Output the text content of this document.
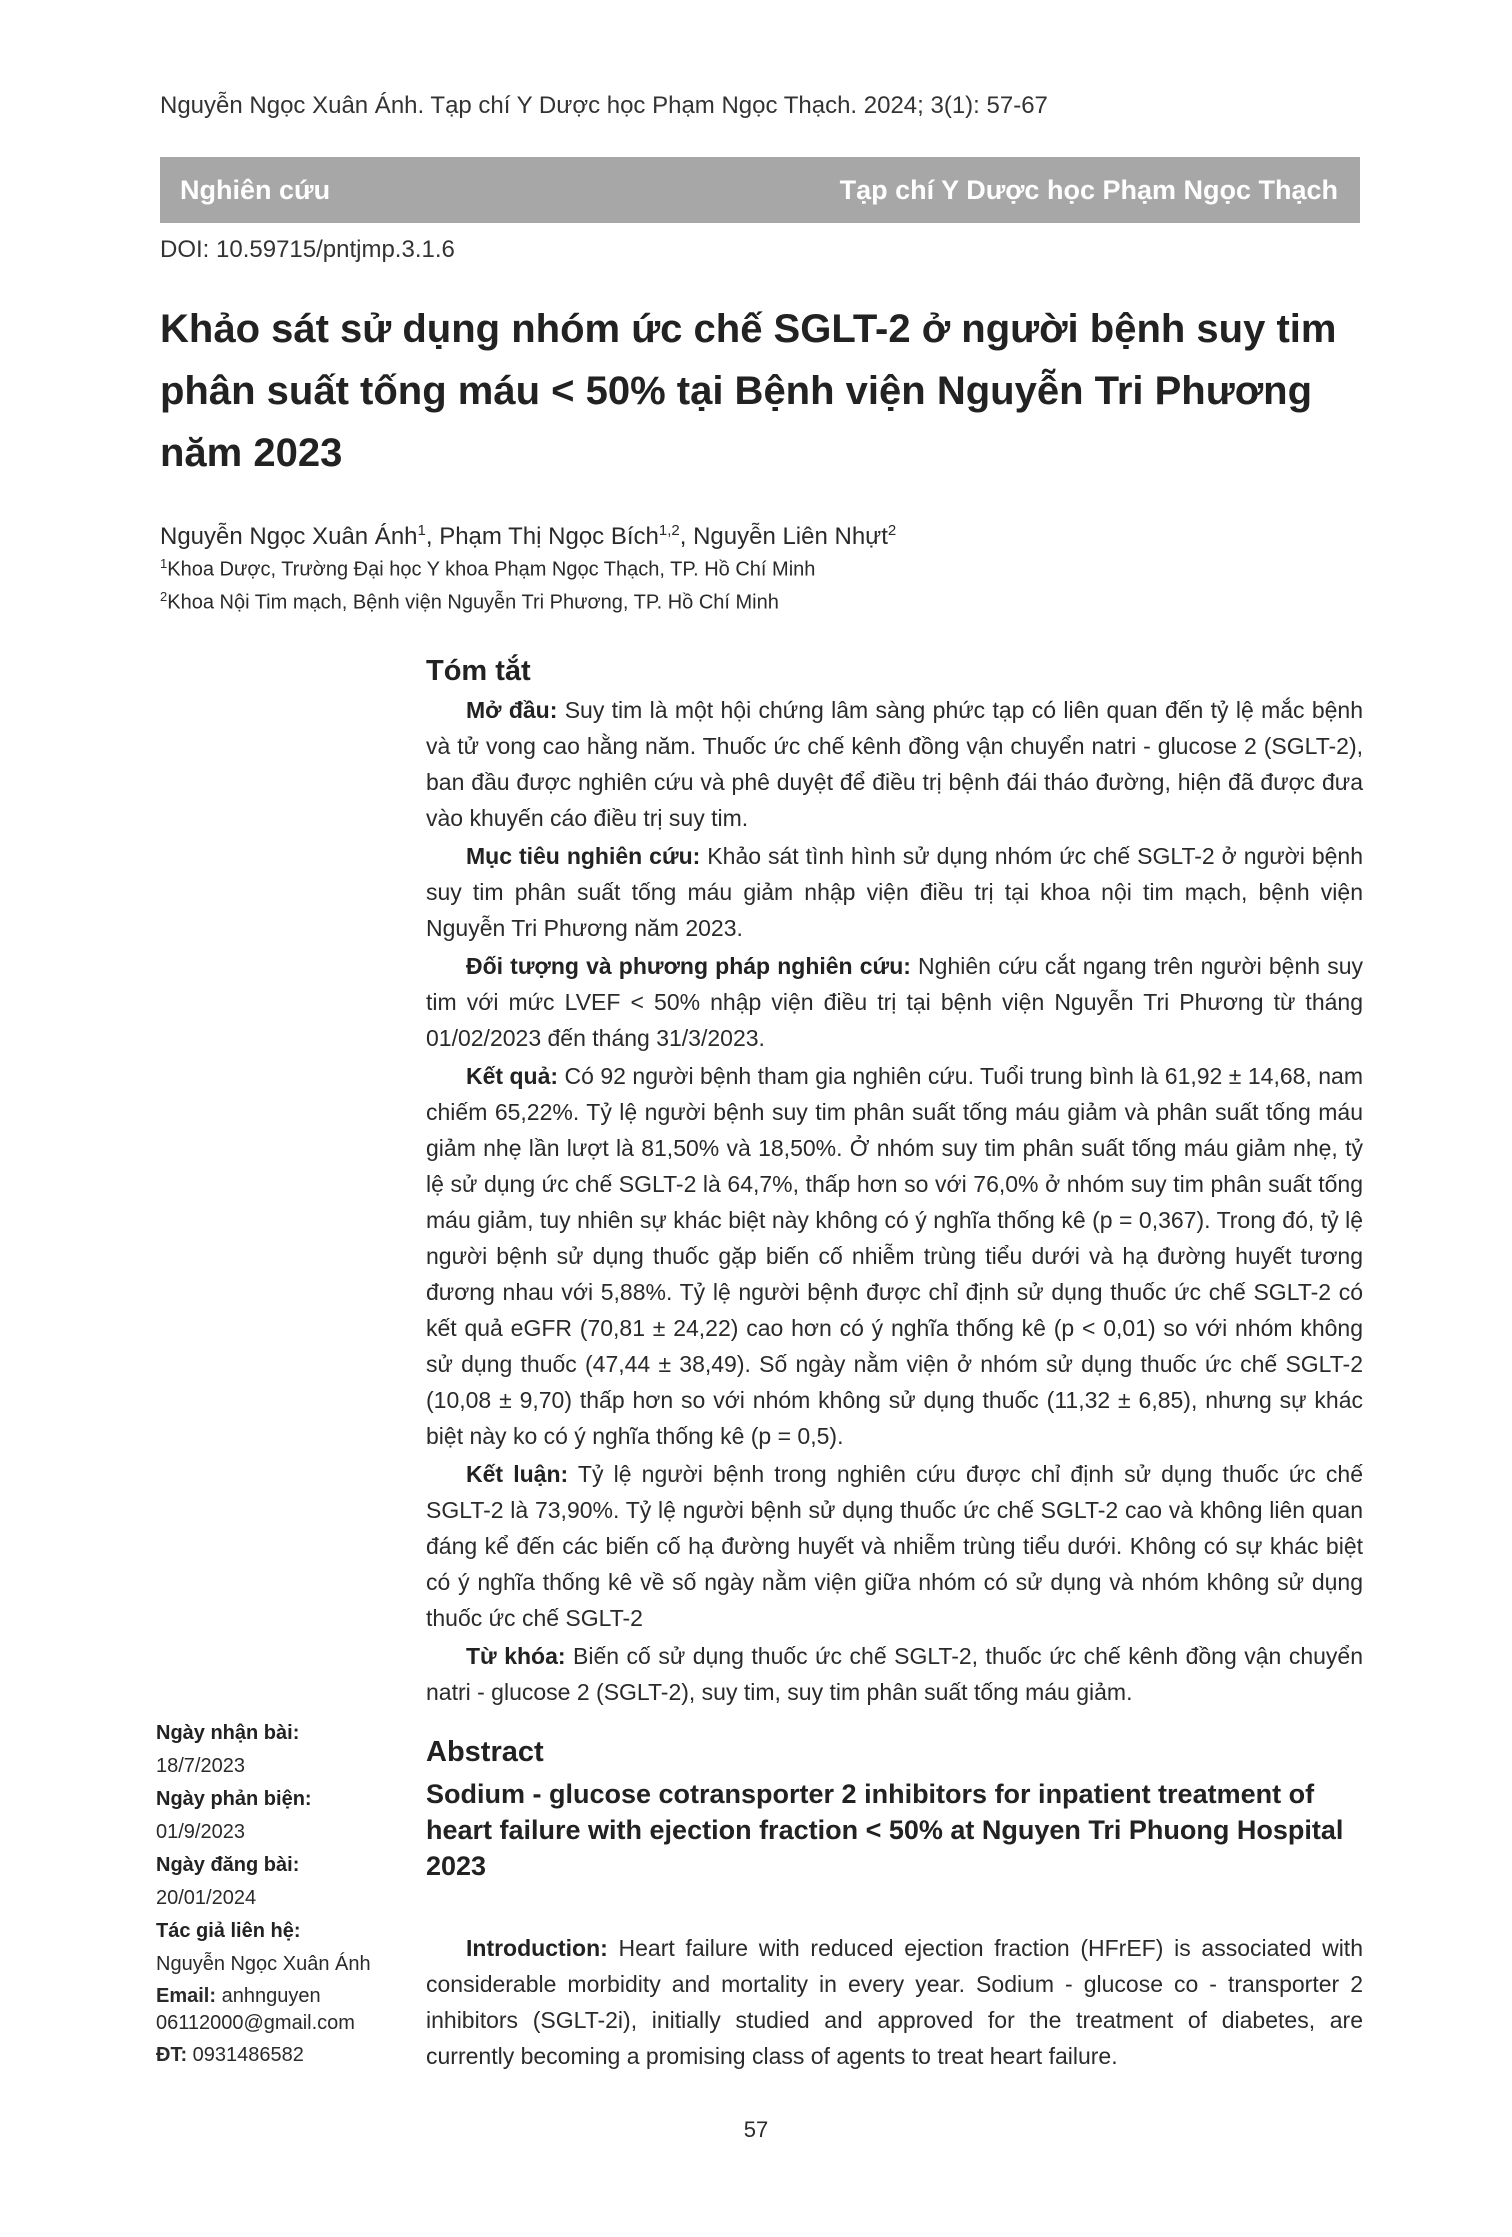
Nguyễn Ngọc Xuân Ánh. Tạp chí Y Dược học Phạm Ngọc Thạch. 2024; 3(1): 57-67
Nghiên cứu	Tạp chí Y Dược học Phạm Ngọc Thạch
DOI: 10.59715/pntjmp.3.1.6
Khảo sát sử dụng nhóm ức chế SGLT-2 ở người bệnh suy tim phân suất tống máu < 50% tại Bệnh viện Nguyễn Tri Phương năm 2023
Nguyễn Ngọc Xuân Ánh$^1$, Phạm Thị Ngọc Bích$^{1,2}$, Nguyễn Liên Nhựt$^2$
$^1$Khoa Dược, Trường Đại học Y khoa Phạm Ngọc Thạch, TP. Hồ Chí Minh
$^2$Khoa Nội Tim mạch, Bệnh viện Nguyễn Tri Phương, TP. Hồ Chí Minh
Tóm tắt

Mở đầu: Suy tim là một hội chứng lâm sàng phức tạp có liên quan đến tỷ lệ mắc bệnh và tử vong cao hằng năm. Thuốc ức chế kênh đồng vận chuyển natri - glucose 2 (SGLT-2), ban đầu được nghiên cứu và phê duyệt để điều trị bệnh đái tháo đường, hiện đã được đưa vào khuyến cáo điều trị suy tim.

Mục tiêu nghiên cứu: Khảo sát tình hình sử dụng nhóm ức chế SGLT-2 ở người bệnh suy tim phân suất tống máu giảm nhập viện điều trị tại khoa nội tim mạch, bệnh viện Nguyễn Tri Phương năm 2023.

Đối tượng và phương pháp nghiên cứu: Nghiên cứu cắt ngang trên người bệnh suy tim với mức LVEF < 50% nhập viện điều trị tại bệnh viện Nguyễn Tri Phương từ tháng 01/02/2023 đến tháng 31/3/2023.

Kết quả: Có 92 người bệnh tham gia nghiên cứu. Tuổi trung bình là 61,92 ± 14,68, nam chiếm 65,22%. Tỷ lệ người bệnh suy tim phân suất tống máu giảm và phân suất tống máu giảm nhẹ lần lượt là 81,50% và 18,50%. Ở nhóm suy tim phân suất tống máu giảm nhẹ, tỷ lệ sử dụng ức chế SGLT-2 là 64,7%, thấp hơn so với 76,0% ở nhóm suy tim phân suất tống máu giảm, tuy nhiên sự khác biệt này không có ý nghĩa thống kê (p = 0,367). Trong đó, tỷ lệ người bệnh sử dụng thuốc gặp biến cố nhiễm trùng tiểu dưới và hạ đường huyết tương đương nhau với 5,88%. Tỷ lệ người bệnh được chỉ định sử dụng thuốc ức chế SGLT-2 có kết quả eGFR (70,81 ± 24,22) cao hơn có ý nghĩa thống kê (p < 0,01) so với nhóm không sử dụng thuốc (47,44 ± 38,49). Số ngày nằm viện ở nhóm sử dụng thuốc ức chế SGLT-2 (10,08 ± 9,70) thấp hơn so với nhóm không sử dụng thuốc (11,32 ± 6,85), nhưng sự khác biệt này ko có ý nghĩa thống kê (p = 0,5).

Kết luận: Tỷ lệ người bệnh trong nghiên cứu được chỉ định sử dụng thuốc ức chế SGLT-2 là 73,90%. Tỷ lệ người bệnh sử dụng thuốc ức chế SGLT-2 cao và không liên quan đáng kể đến các biến cố hạ đường huyết và nhiễm trùng tiểu dưới. Không có sự khác biệt có ý nghĩa thống kê về số ngày nằm viện giữa nhóm có sử dụng và nhóm không sử dụng thuốc ức chế SGLT-2

Từ khóa: Biến cố sử dụng thuốc ức chế SGLT-2, thuốc ức chế kênh đồng vận chuyển natri - glucose 2 (SGLT-2), suy tim, suy tim phân suất tống máu giảm.

Ngày nhận bài:
18/7/2023
Ngày phản biện:
01/9/2023
Ngày đăng bài:
20/01/2024
Tác giả liên hệ:
Nguyễn Ngọc Xuân Ánh
Email: anhnguyen
06112000@gmail.com
ĐT: 0931486582
Abstract
Sodium - glucose cotransporter 2 inhibitors for inpatient treatment of heart failure with ejection fraction < 50% at Nguyen Tri Phuong Hospital 2023

Introduction: Heart failure with reduced ejection fraction (HFrEF) is associated with considerable morbidity and mortality in every year. Sodium - glucose co - transporter 2 inhibitors (SGLT-2i), initially studied and approved for the treatment of diabetes, are currently becoming a promising class of agents to treat heart failure.

57
